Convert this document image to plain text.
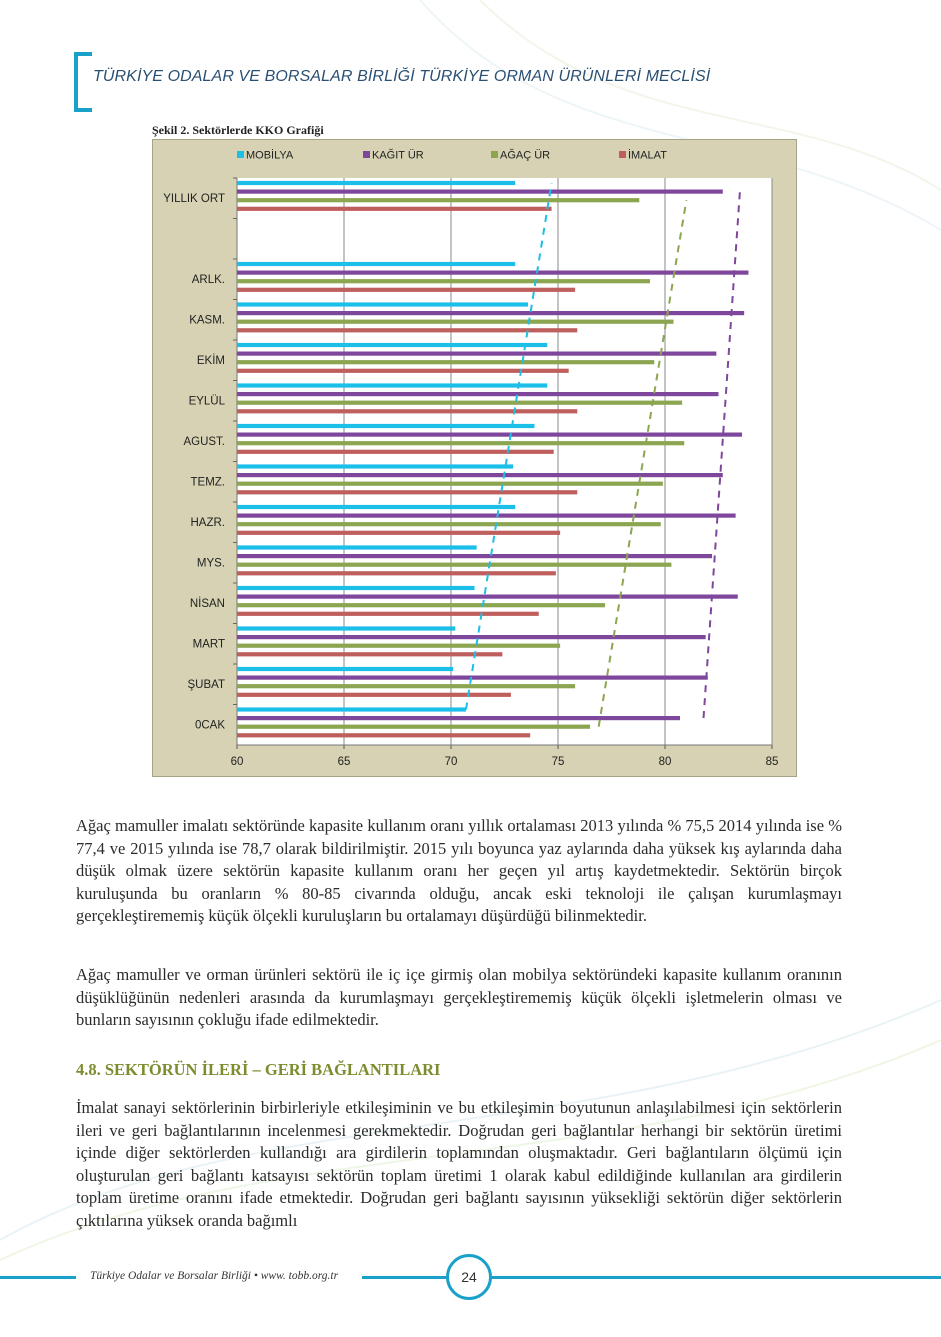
TÜRKİYE ODALAR VE BORSALAR BİRLİĞİ TÜRKİYE ORMAN ÜRÜNLERİ MECLİSİ
Şekil 2. Sektörlerde KKO Grafiği
60	65	70	75	80	85
YILLIK ORT
ARLK.
KASM.
EKİM
EYLÜL
AGUST.
TEMZ.
HAZR.
MYS.
NİSAN
MART
ŞUBAT
0CAK
MOBİLYA	KAĞIT ÜR	AĞAÇ ÜR	İMALAT

Ağaç mamuller imalatı sektöründe kapasite kullanım oranı yıllık ortalaması 2013 yılında % 75,5 2014 yılında ise % 77,4 ve 2015 yılında ise 78,7 olarak bildirilmiştir. 2015 yılı boyunca yaz aylarında daha yüksek kış aylarında daha düşük olmak üzere sektörün kapasite kullanım oranı her geçen yıl artış kaydetmektedir. Sektörün birçok kuruluşunda bu oranların % 80-85 civarında olduğu, ancak eski teknoloji ile çalışan kurumlaşmayı gerçekleştirememiş küçük ölçekli kuruluşların bu ortalamayı düşürdüğü bilinmektedir.

Ağaç mamuller ve orman ürünleri sektörü ile iç içe girmiş olan mobilya sektöründeki kapasite kullanım oranının düşüklüğünün nedenleri arasında da kurumlaşmayı gerçekleştirememiş küçük ölçekli işletmelerin olması ve bunların sayısının çokluğu ifade edilmektedir.

4.8. SEKTÖRÜN İLERİ – GERİ BAĞLANTILARI

İmalat sanayi sektörlerinin birbirleriyle etkileşiminin ve bu etkileşimin boyutunun anlaşılabilmesi için sektörlerin ileri ve geri bağlantılarının incelenmesi gerekmektedir. Doğrudan geri bağlantılar herhangi bir sektörün üretimi içinde diğer sektörlerden kullandığı ara girdilerin toplamından oluşmaktadır. Geri bağlantıların ölçümü için oluşturulan geri bağlantı katsayısı sektörün toplam üretimi 1 olarak kabul edildiğinde kullanılan ara girdilerin toplam üretime oranını ifade etmektedir. Doğrudan geri bağlantı sayısının yüksekliği sektörün diğer sektörlerin çıktılarına yüksek oranda bağımlı

Türkiye Odalar ve Borsalar Birliği • www. tobb.org.tr	24
